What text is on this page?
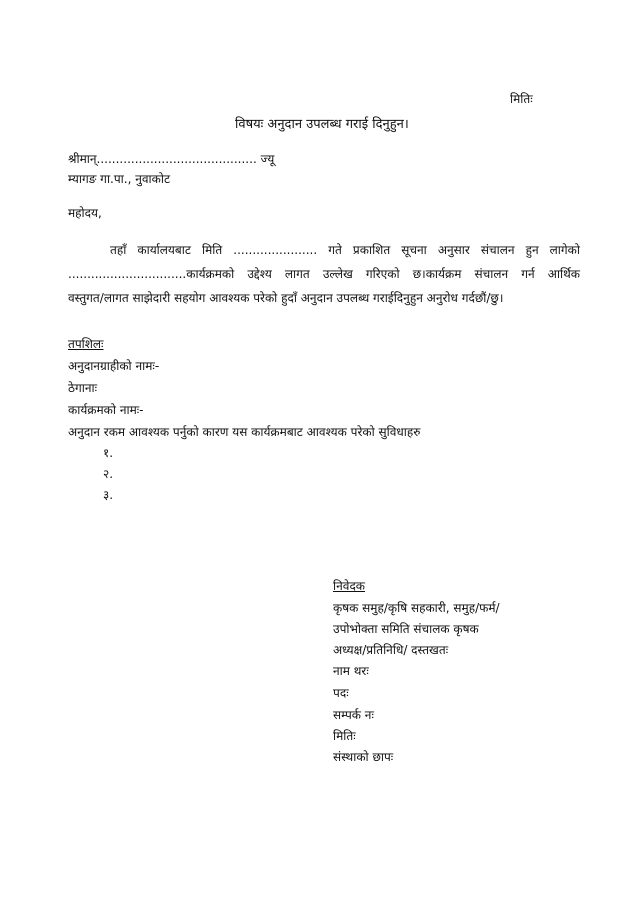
मितिः
विषयः अनुदान उपलब्ध गराई दिनुहुन।
श्रीमान्.......................................... ज्यू
म्यागङ गा.पा., नुवाकोट
महोदय,
तहाँ कार्यालयबाट मिति ...................... गते प्रकाशित सूचना अनुसार संचालन हुन लागेको
...............................कार्यक्रमको उद्देश्य लागत उल्लेख गरिएको छ।कार्यक्रम संचालन गर्न आर्थिक
वस्तुगत/लागत साझेदारी सहयोग आवश्यक परेको हुदाँ अनुदान उपलब्ध गराईदिनुहुन अनुरोध गर्दछौं/छु।
तपशिलः
अनुदानग्राहीको नामः-
ठेगानाः
कार्यक्रमको नामः-
अनुदान रकम आवश्यक पर्नुको कारण यस कार्यक्रमबाट आवश्यक परेको सुविधाहरु
१.
२.
३.
निवेदक
कृषक समुह/कृषि सहकारी, समुह/फर्म/
उपोभोक्ता समिति संचालक कृषक
अध्यक्ष/प्रतिनिधि/ दस्तखतः
नाम थरः
पदः
सम्पर्क नः
मितिः
संस्थाको छापः
